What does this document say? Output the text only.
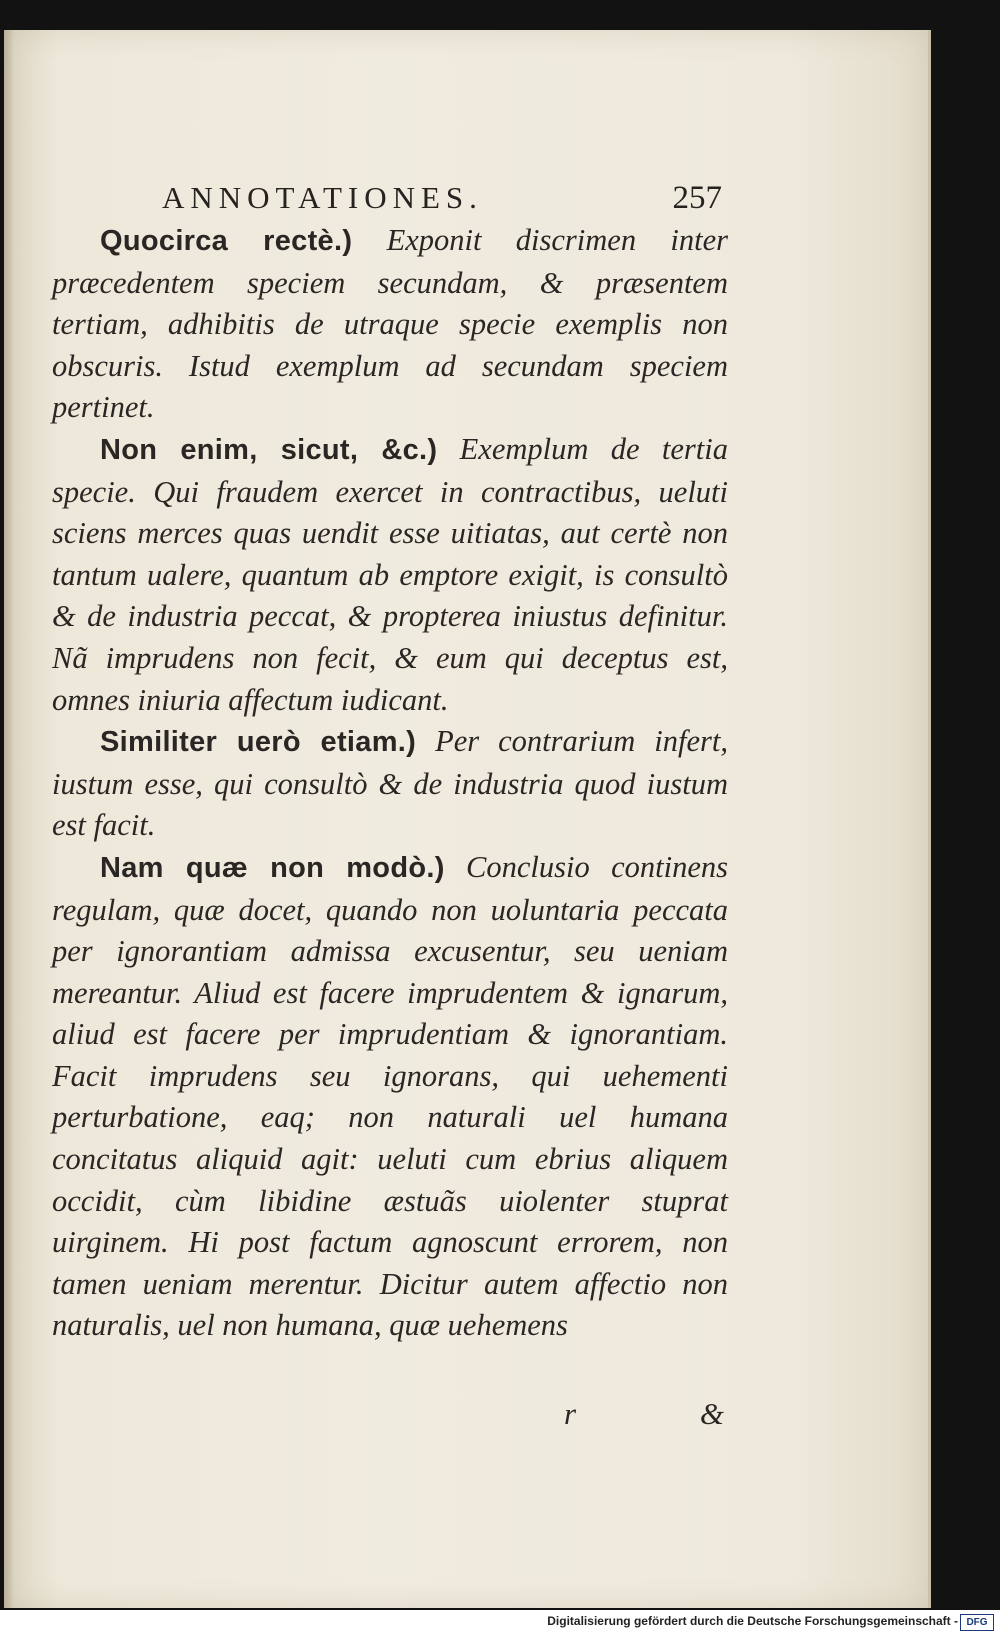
ANNOTATIONES.	257

Quocirca rectè.) Exponit discrimen inter præcedentem speciem secundam, & præsentem tertiam, adhibitis de utraque specie exemplis non obscuris. Istud exemplum ad secundam speciem pertinet.

Non enim, sicut, &c.) Exemplum de tertia specie. Qui fraudem exercet in contractibus, ueluti sciens merces quas uendit esse uitiatas, aut certè non tantum ualere, quantum ab emptore exigit, is consultò & de industria peccat, & propterea iniustus definitur. Nã imprudens non fecit, & eum qui deceptus est, omnes iniuria affectum iudicant.

Similiter uerò etiam.) Per contrarium infert, iustum esse, qui consultò & de industria quod iustum est facit.

Nam quæ non modò.) Conclusio continens regulam, quæ docet, quando non uoluntaria peccata per ignorantiam admissa excusentur, seu ueniam mereantur. Aliud est facere imprudentem & ignarum, aliud est facere per imprudentiam & ignorantiam. Facit imprudens seu ignorans, qui uehementi perturbatione, eaq; non naturali uel humana concitatus aliquid agit: ueluti cum ebrius aliquem occidit, cùm libidine æstuãs uiolenter stuprat uirginem. Hi post factum agnoscunt errorem, non tamen ueniam merentur. Dicitur autem affectio non naturalis, uel non humana, quæ uehemens

r	&
Digitalisierung gefördert durch die Deutsche Forschungsgemeinschaft - DFG
